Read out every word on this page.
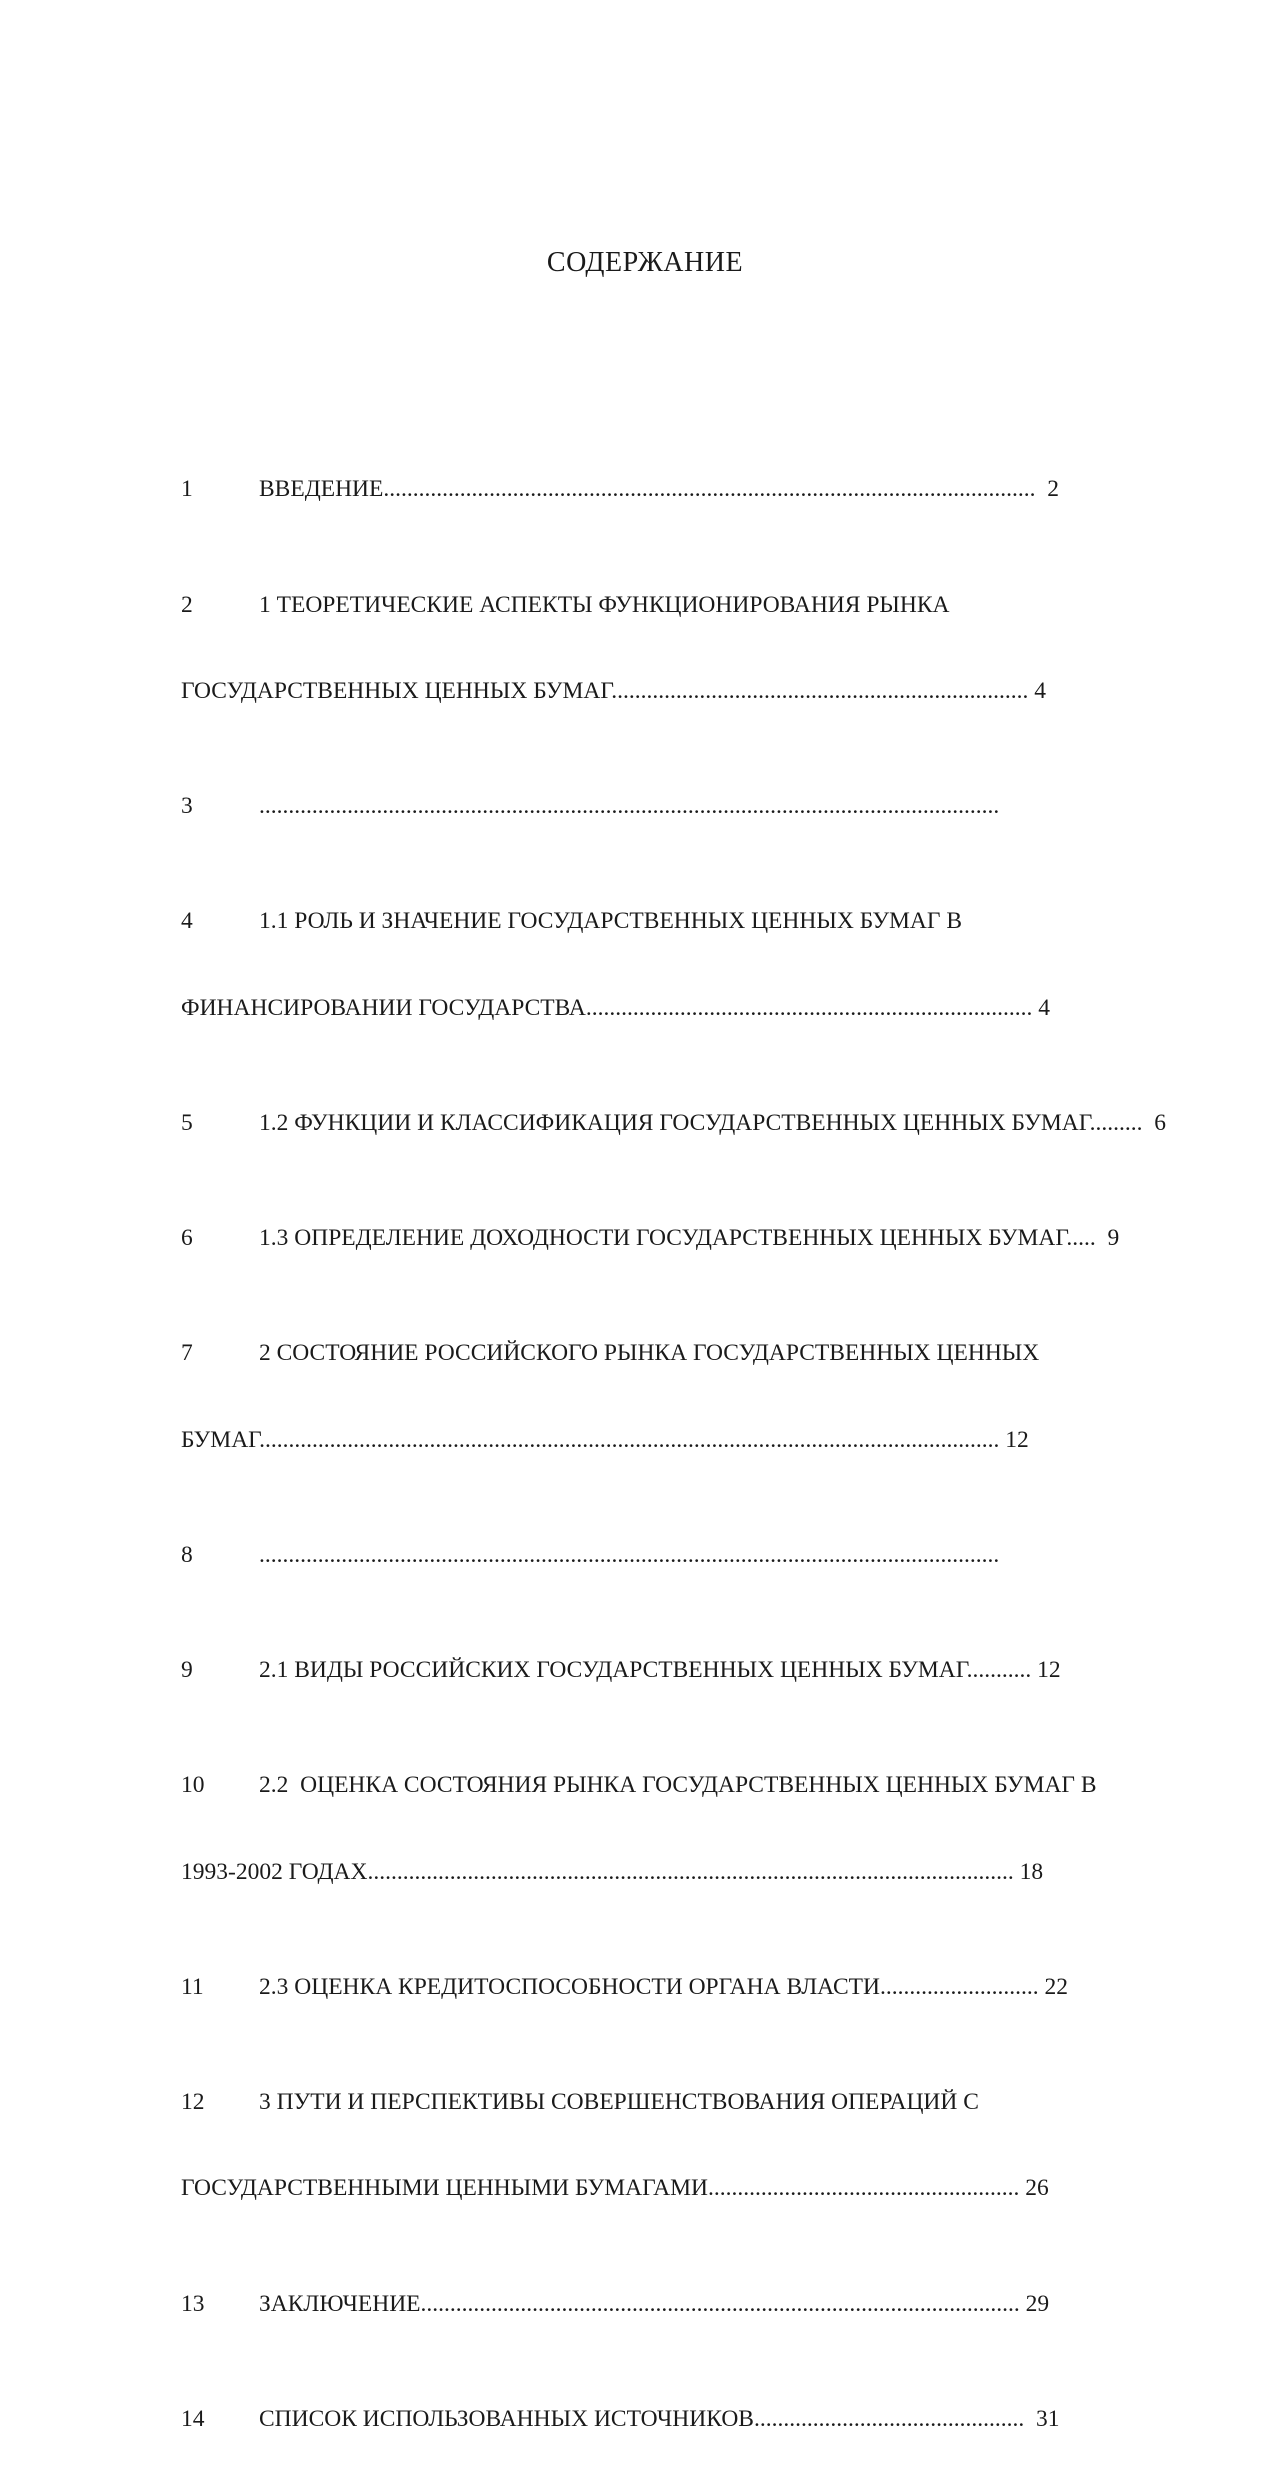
СОДЕРЖАНИЕ

1	ВВЕДЕНИЕ...............................................................................................................  2

2	1 ТЕОРЕТИЧЕСКИЕ АСПЕКТЫ ФУНКЦИОНИРОВАНИЯ РЫНКА

ГОСУДАРСТВЕННЫХ ЦЕННЫХ БУМАГ....................................................................... 4

3	..............................................................................................................................

4	1.1 РОЛЬ И ЗНАЧЕНИЕ ГОСУДАРСТВЕННЫХ ЦЕННЫХ БУМАГ В

ФИНАНСИРОВАНИИ ГОСУДАРСТВА............................................................................ 4

5	1.2 ФУНКЦИИ И КЛАССИФИКАЦИЯ ГОСУДАРСТВЕННЫХ ЦЕННЫХ БУМАГ.........  6

6	1.3 ОПРЕДЕЛЕНИЕ ДОХОДНОСТИ ГОСУДАРСТВЕННЫХ ЦЕННЫХ БУМАГ.....  9

7	2 СОСТОЯНИЕ РОССИЙСКОГО РЫНКА ГОСУДАРСТВЕННЫХ ЦЕННЫХ

БУМАГ.............................................................................................................................. 12

8	..............................................................................................................................

9	2.1 ВИДЫ РОССИЙСКИХ ГОСУДАРСТВЕННЫХ ЦЕННЫХ БУМАГ........... 12

10 2.2  ОЦЕНКА СОСТОЯНИЯ РЫНКА ГОСУДАРСТВЕННЫХ ЦЕННЫХ БУМАГ В

1993-2002 ГОДАХ.............................................................................................................. 18

11 2.3 ОЦЕНКА КРЕДИТОСПОСОБНОСТИ ОРГАНА ВЛАСТИ........................... 22

12 3 ПУТИ И ПЕРСПЕКТИВЫ СОВЕРШЕНСТВОВАНИЯ ОПЕРАЦИЙ С

ГОСУДАРСТВЕННЫМИ ЦЕННЫМИ БУМАГАМИ..................................................... 26

13 ЗАКЛЮЧЕНИЕ...................................................................................................... 29

14 СПИСОК ИСПОЛЬЗОВАННЫХ ИСТОЧНИКОВ..............................................  31
